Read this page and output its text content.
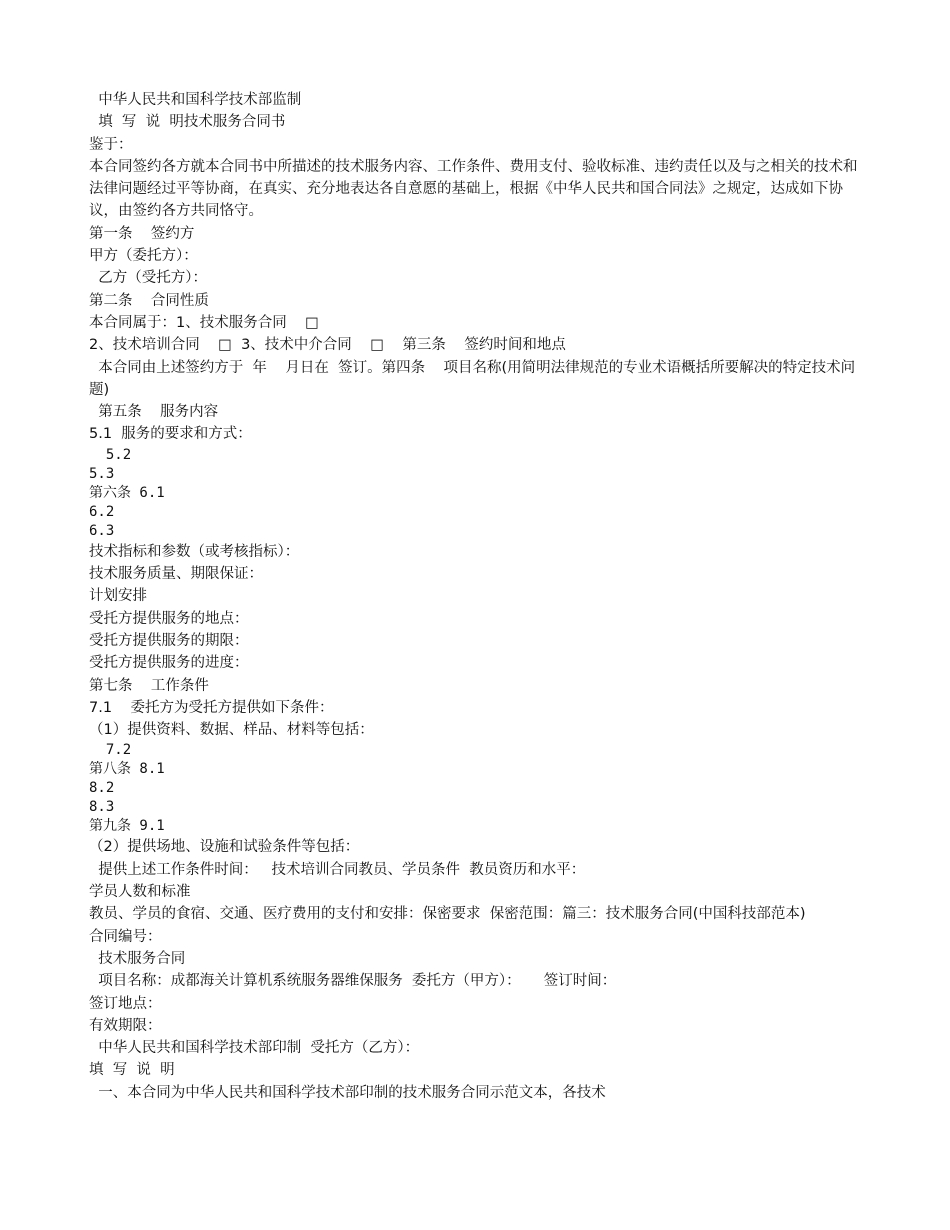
中华人民共和国科学技术部监制
填  写  说  明技术服务合同书
鉴于：
本合同签约各方就本合同书中所描述的技术服务内容、工作条件、费用支付、验收标准、违约责任以及与之相关的技术和法律问题经过平等协商，在真实、充分地表达各自意愿的基础上，根据《中华人民共和国合同法》之规定，达成如下协议，由签约各方共同恪守。
第一条    签约方
甲方（委托方）：
乙方（受托方）：
第二条    合同性质
本合同属于：1、技术服务合同    □
2、技术培训合同    □  3、技术中介合同    □    第三条    签约时间和地点
本合同由上述签约方于  年    月日在  签订。第四条    项目名称(用简明法律规范的专业术语概括所要解决的特定技术问题)
第五条    服务内容
5.1  服务的要求和方式：
5.2
5.3
第六条 6.1
6.2
6.3
技术指标和参数（或考核指标）：
技术服务质量、期限保证：
计划安排
受托方提供服务的地点：
受托方提供服务的期限：
受托方提供服务的进度：
第七条    工作条件
7.1    委托方为受托方提供如下条件：
（1）提供资料、数据、样品、材料等包括：
7.2
第八条 8.1
8.2
8.3
第九条 9.1
（2）提供场地、设施和试验条件等包括：
提供上述工作条件时间：   技术培训合同教员、学员条件  教员资历和水平：
学员人数和标准
教员、学员的食宿、交通、医疗费用的支付和安排：保密要求  保密范围：篇三：技术服务合同(中国科技部范本)
合同编号：
技术服务合同
项目名称：成都海关计算机系统服务器维保服务  委托方（甲方）：     签订时间：
签订地点：
有效期限：
中华人民共和国科学技术部印制  受托方（乙方）：
填  写  说  明
一、本合同为中华人民共和国科学技术部印制的技术服务合同示范文本，各技术
